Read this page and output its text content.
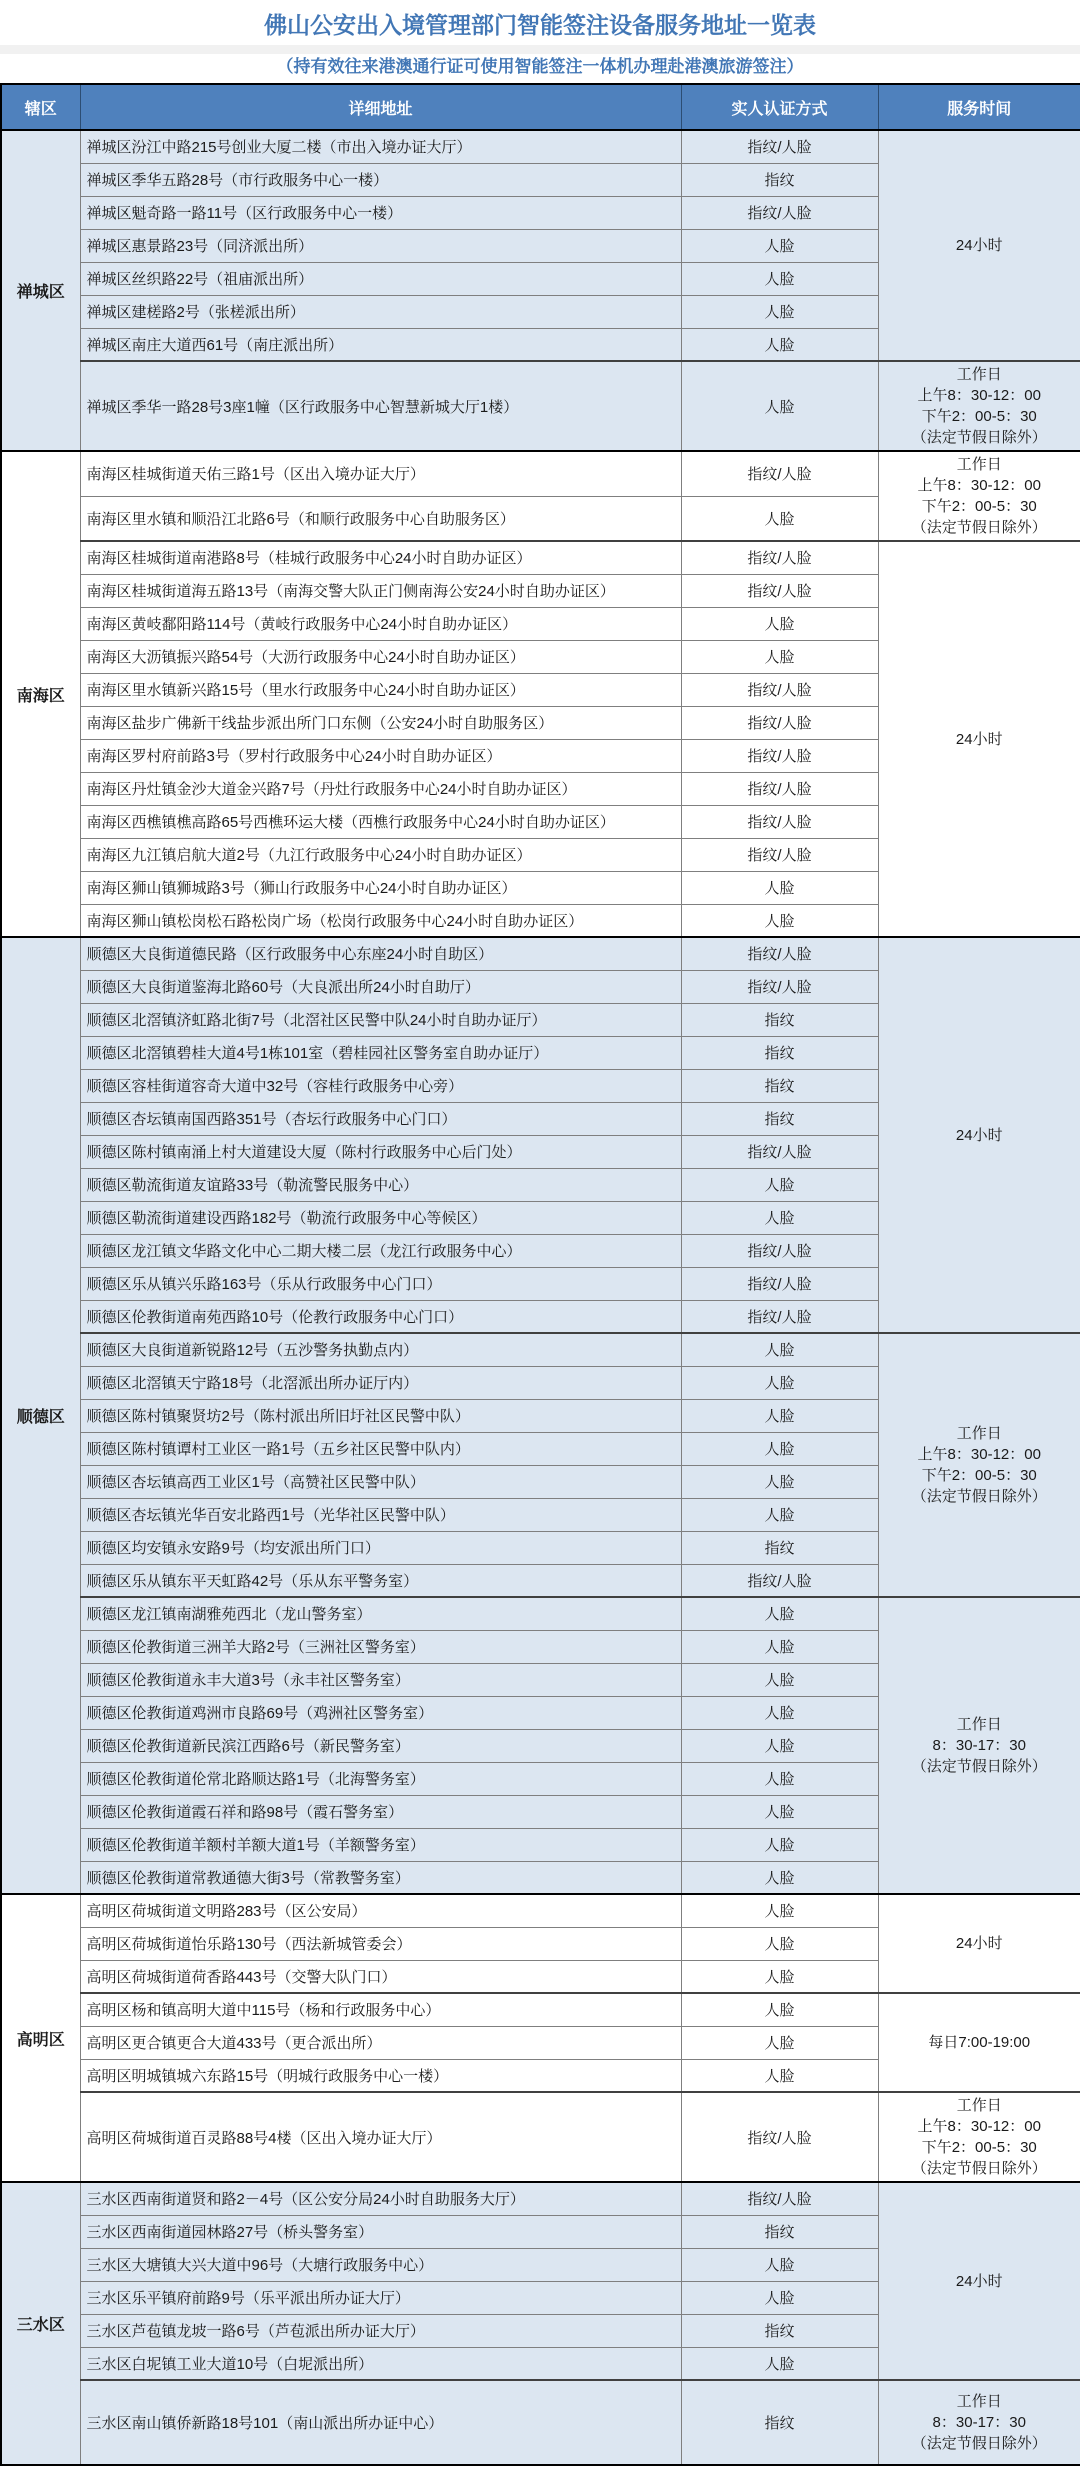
佛山公安出入境管理部门智能签注设备服务地址一览表
（持有效往来港澳通行证可使用智能签注一体机办理赴港澳旅游签注）
辖区	详细地址	实人认证方式	服务时间
禅城区	禅城区汾江中路215号创业大厦二楼（市出入境办证大厅）	指纹/人脸	24小时

	禅城区季华五路28号（市行政服务中心一楼）	指纹	
	禅城区魁奇路一路11号（区行政服务中心一楼）	指纹/人脸	
	禅城区惠景路23号（同济派出所）	人脸	
	禅城区丝织路22号（祖庙派出所）	人脸	
	禅城区建槎路2号（张槎派出所）	人脸	
	禅城区南庄大道西61号（南庄派出所）	人脸	
	禅城区季华一路28号3座1幢（区行政服务中心智慧新城大厅1楼）	人脸	工作日
上午8：30-12：00
下午2：00-5：30
（法定节假日除外）

南海区	南海区桂城街道天佑三路1号（区出入境办证大厅）	指纹/人脸	工作日
上午8：30-12：00
下午2：00-5：30
（法定节假日除外）

	南海区里水镇和顺沿江北路6号（和顺行政服务中心自助服务区）	人脸	
	南海区桂城街道南港路8号（桂城行政服务中心24小时自助办证区）	指纹/人脸	24小时

	南海区桂城街道海五路13号（南海交警大队正门侧南海公安24小时自助办证区）	指纹/人脸	
	南海区黄岐鄱阳路114号（黄岐行政服务中心24小时自助办证区）	人脸	
	南海区大沥镇振兴路54号（大沥行政服务中心24小时自助办证区）	人脸	
	南海区里水镇新兴路15号（里水行政服务中心24小时自助办证区）	指纹/人脸	
	南海区盐步广佛新干线盐步派出所门口东侧（公安24小时自助服务区）	指纹/人脸	
	南海区罗村府前路3号（罗村行政服务中心24小时自助办证区）	指纹/人脸	
	南海区丹灶镇金沙大道金兴路7号（丹灶行政服务中心24小时自助办证区）	指纹/人脸	
	南海区西樵镇樵高路65号西樵环运大楼（西樵行政服务中心24小时自助办证区）	指纹/人脸	
	南海区九江镇启航大道2号（九江行政服务中心24小时自助办证区）	指纹/人脸	
	南海区狮山镇狮城路3号（狮山行政服务中心24小时自助办证区）	人脸	
	南海区狮山镇松岗松石路松岗广场（松岗行政服务中心24小时自助办证区）	人脸	
顺德区	顺德区大良街道德民路（区行政服务中心东座24小时自助区）	指纹/人脸	24小时

	顺德区大良街道鉴海北路60号（大良派出所24小时自助厅）	指纹/人脸	
	顺德区北滘镇济虹路北街7号（北滘社区民警中队24小时自助办证厅）	指纹	
	顺德区北滘镇碧桂大道4号1栋101室（碧桂园社区警务室自助办证厅）	指纹	
	顺德区容桂街道容奇大道中32号（容桂行政服务中心旁）	指纹	
	顺德区杏坛镇南国西路351号（杏坛行政服务中心门口）	指纹	
	顺德区陈村镇南涌上村大道建设大厦（陈村行政服务中心后门处）	指纹/人脸	
	顺德区勒流街道友谊路33号（勒流警民服务中心）	人脸	
	顺德区勒流街道建设西路182号（勒流行政服务中心等候区）	人脸	
	顺德区龙江镇文华路文化中心二期大楼二层（龙江行政服务中心）	指纹/人脸	
	顺德区乐从镇兴乐路163号（乐从行政服务中心门口）	指纹/人脸	
	顺德区伦教街道南苑西路10号（伦教行政服务中心门口）	指纹/人脸	
	顺德区大良街道新锐路12号（五沙警务执勤点内）	人脸	工作日
上午8：30-12：00
下午2：00-5：30
（法定节假日除外）

	顺德区北滘镇天宁路18号（北滘派出所办证厅内）	人脸	
	顺德区陈村镇聚贤坊2号（陈村派出所旧圩社区民警中队）	人脸	
	顺德区陈村镇谭村工业区一路1号（五乡社区民警中队内）	人脸	
	顺德区杏坛镇高西工业区1号（高赞社区民警中队）	人脸	
	顺德区杏坛镇光华百安北路西1号（光华社区民警中队）	人脸	
	顺德区均安镇永安路9号（均安派出所门口）	指纹	
	顺德区乐从镇东平天虹路42号（乐从东平警务室）	指纹/人脸	
	顺德区龙江镇南湖雅苑西北（龙山警务室）	人脸	工作日
8：30-17：30
（法定节假日除外）

	顺德区伦教街道三洲羊大路2号（三洲社区警务室）	人脸	
	顺德区伦教街道永丰大道3号（永丰社区警务室）	人脸	
	顺德区伦教街道鸡洲市良路69号（鸡洲社区警务室）	人脸	
	顺德区伦教街道新民滨江西路6号（新民警务室）	人脸	
	顺德区伦教街道伦常北路顺达路1号（北海警务室）	人脸	
	顺德区伦教街道霞石祥和路98号（霞石警务室）	人脸	
	顺德区伦教街道羊额村羊额大道1号（羊额警务室）	人脸	
	顺德区伦教街道常教通德大街3号（常教警务室）	人脸	
高明区	高明区荷城街道文明路283号（区公安局）	人脸	24小时

	高明区荷城街道怡乐路130号（西法新城管委会）	人脸	
	高明区荷城街道荷香路443号（交警大队门口）	人脸	
	高明区杨和镇高明大道中115号（杨和行政服务中心）	人脸	每日7:00-19:00

	高明区更合镇更合大道433号（更合派出所）	人脸	
	高明区明城镇城六东路15号（明城行政服务中心一楼）	人脸	
	高明区荷城街道百灵路88号4楼（区出入境办证大厅）	指纹/人脸	工作日
上午8：30-12：00
下午2：00-5：30
（法定节假日除外）

三水区	三水区西南街道贤和路2－4号（区公安分局24小时自助服务大厅）	指纹/人脸	24小时

	三水区西南街道园林路27号（桥头警务室）	指纹	
	三水区大塘镇大兴大道中96号（大塘行政服务中心）	人脸	
	三水区乐平镇府前路9号（乐平派出所办证大厅）	人脸	
	三水区芦苞镇龙坡一路6号（芦苞派出所办证大厅）	指纹	
	三水区白坭镇工业大道10号（白坭派出所）	人脸	
	三水区南山镇侨新路18号101（南山派出所办证中心）	指纹	工作日
8：30-17：30
（法定节假日除外）
